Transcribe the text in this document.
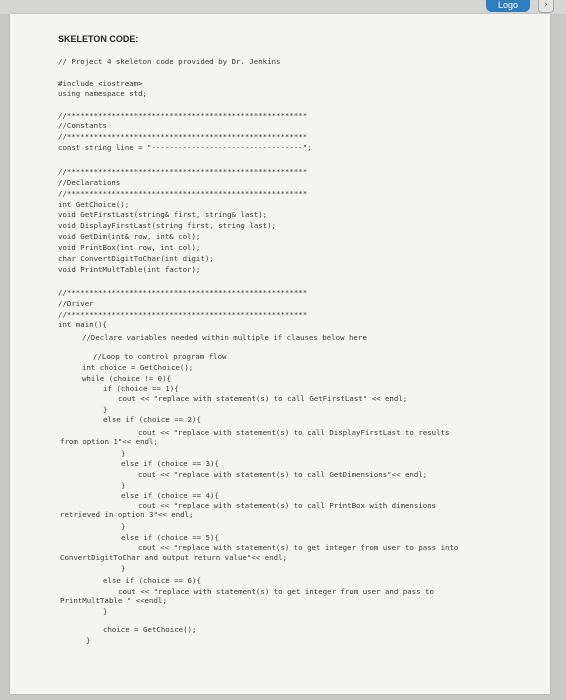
Logo	›
SKELETON CODE:
// Project 4 skeleton code provided by Dr. Jenkins
#include <iostream>
using namespace std;
//******************************************************
//Constants
//******************************************************
const string line = "----------------------------------";
//******************************************************
//Declarations
//******************************************************
int GetChoice();
void GetFirstLast(string& first, string& last);
void DisplayFirstLast(string first, string last);
void GetDim(int& row, int& col);
void PrintBox(int row, int col);
char ConvertDigitToChar(int digit);
void PrintMultTable(int factor);
//******************************************************
//Driver
//******************************************************
int main(){
//Declare variables needed within multiple if clauses below here
//Loop to control program flow
int choice = GetChoice();
while (choice != 0){
if (choice == 1){
cout << "replace with statement(s) to call GetFirstLast" << endl;
}
else if (choice == 2){
cout << "replace with statement(s) to call DisplayFirstLast to results
from option 1"<< endl;
}
else if (choice == 3){
cout << "replace with statement(s) to call GetDimensions"<< endl;
}
else if (choice == 4){
cout << "replace with statement(s) to call PrintBox with dimensions
retrieved in option 3"<< endl;
}
else if (choice == 5){
cout << "replace with statement(s) to get integer from user to pass into
ConvertDigitToChar and output return value"<< endl;
}
else if (choice == 6){
cout << "replace with statement(s) to get integer from user and pass to
PrintMultTable " <<endl;
}
choice = GetChoice();
}
